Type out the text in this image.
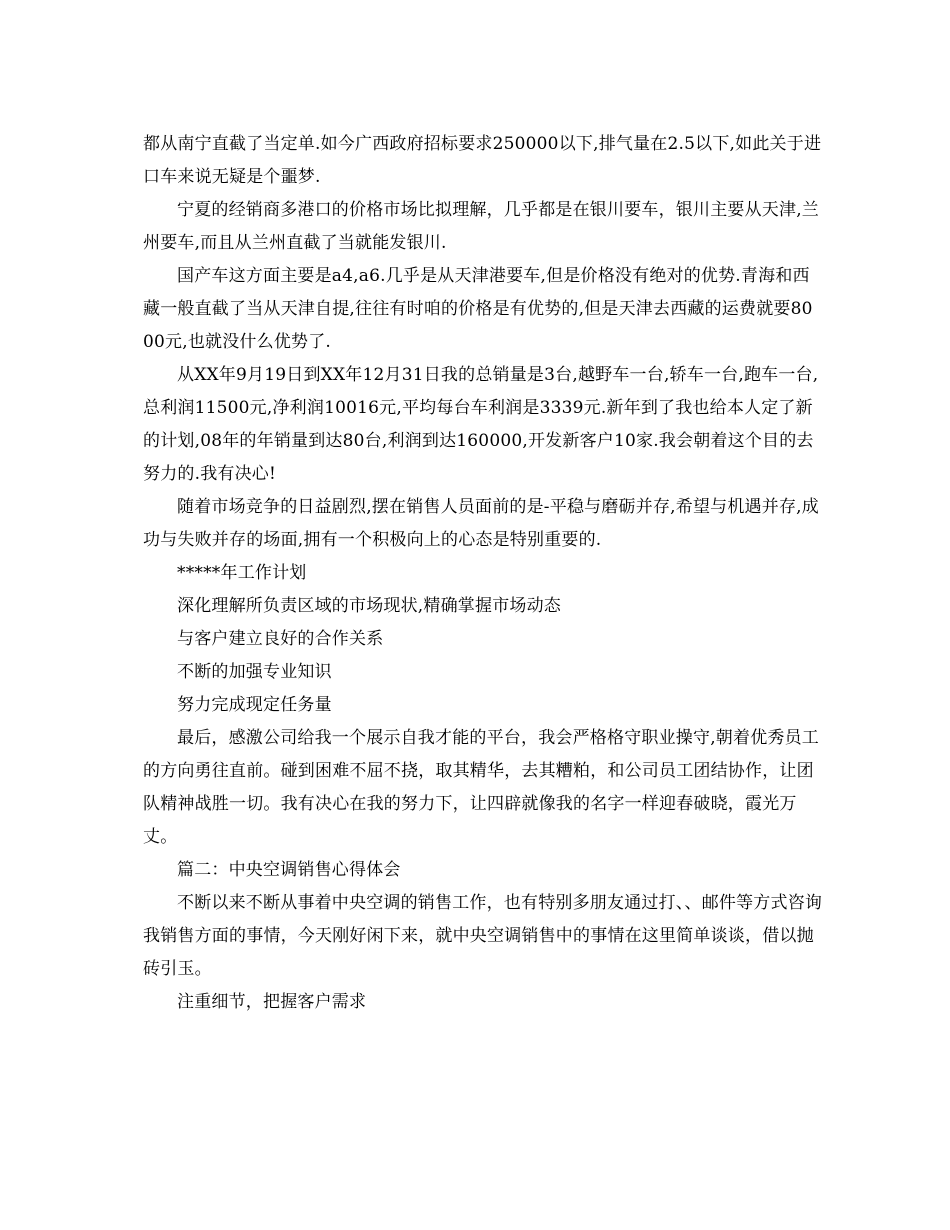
都从南宁直截了当定单.如今广西政府招标要求250000以下,排气量在2.5以下,如此关于进口车来说无疑是个噩梦.

宁夏的经销商多港口的价格市场比拟理解，几乎都是在银川要车，银川主要从天津,兰州要车,而且从兰州直截了当就能发银川.

国产车这方面主要是a4,a6.几乎是从天津港要车,但是价格没有绝对的优势.青海和西藏一般直截了当从天津自提,往往有时咱的价格是有优势的,但是天津去西藏的运费就要8000元,也就没什么优势了.

从XX年9月19日到XX年12月31日我的总销量是3台,越野车一台,轿车一台,跑车一台,总利润11500元,净利润10016元,平均每台车利润是3339元.新年到了我也给本人定了新的计划,08年的年销量到达80台,利润到达160000,开发新客户10家.我会朝着这个目的去努力的.我有决心!

随着市场竞争的日益剧烈,摆在销售人员面前的是-平稳与磨砺并存,希望与机遇并存,成功与失败并存的场面,拥有一个积极向上的心态是特别重要的.

*****年工作计划

深化理解所负责区域的市场现状,精确掌握市场动态

与客户建立良好的合作关系

不断的加强专业知识

努力完成现定任务量

最后，感激公司给我一个展示自我才能的平台，我会严格格守职业操守,朝着优秀员工的方向勇往直前。碰到困难不屈不挠，取其精华，去其糟粕，和公司员工团结协作，让团队精神战胜一切。我有决心在我的努力下，让四辟就像我的名字一样迎春破晓，霞光万丈。

篇二：中央空调销售心得体会

不断以来不断从事着中央空调的销售工作，也有特别多朋友通过打、、邮件等方式咨询我销售方面的事情，今天刚好闲下来，就中央空调销售中的事情在这里简单谈谈，借以抛砖引玉。

注重细节，把握客户需求
